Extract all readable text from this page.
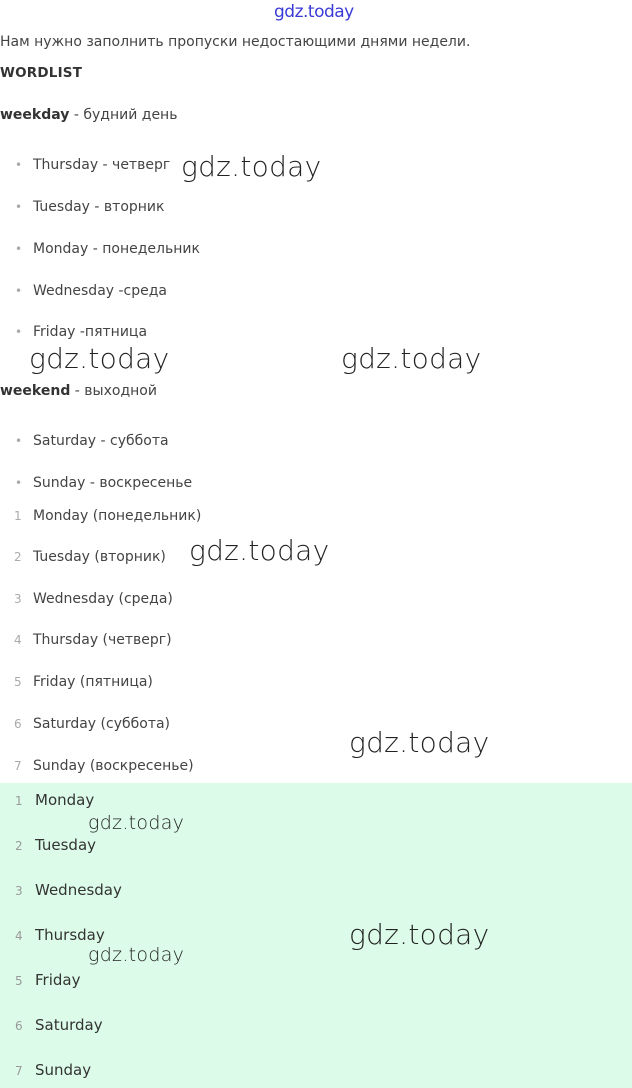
gdz.today
Нам нужно заполнить пропуски недостающими днями недели.
WORDLIST
weekday - будний день
• Thursday - четверг
• Tuesday - вторник
• Monday - понедельник
• Wednesday -среда
• Friday -пятница
weekend - выходной
• Saturday - суббота
• Sunday - воскресенье
1 Monday (понедельник)
2 Tuesday (вторник)
3 Wednesday (среда)
4 Thursday (четверг)
5 Friday (пятница)
6 Saturday (суббота)
7 Sunday (воскресенье)
1 Monday
2 Tuesday
3 Wednesday
4 Thursday
5 Friday
6 Saturday
7 Sunday
gdz.today
gdz.today	gdz.today
gdz.today
gdz.today
gdz.today
gdz.today
gdz.today
